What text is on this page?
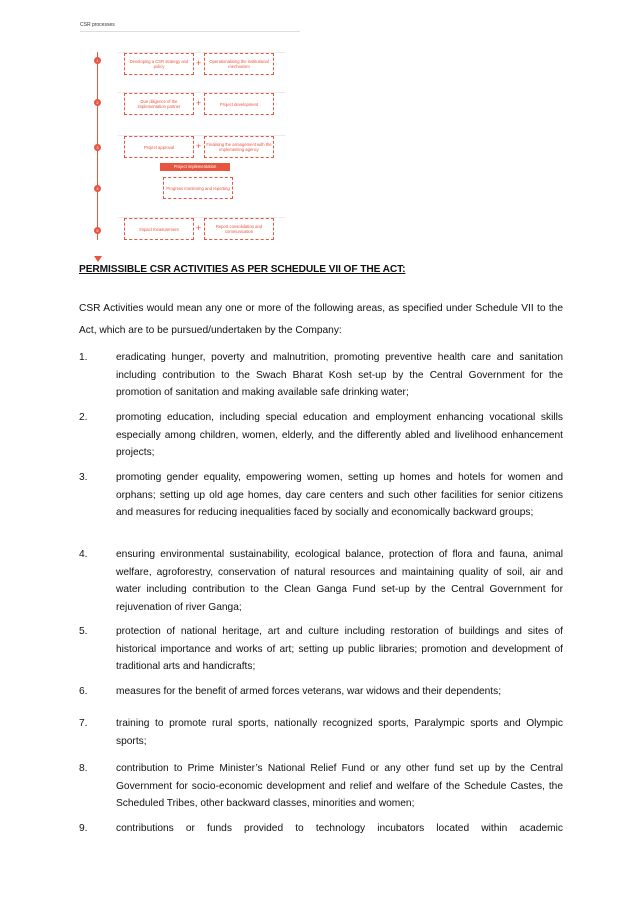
CSR processes
1	Developing a CSR strategy and policy	+	Operationalising the institutional mechanism
2	Due diligence of the implementation partner	+	Project development
3	Project approval	+	Finalising the arrangement with the implementing agency
Project implementation
4	Progress monitoring and reporting
5	Impact measurement	+	Report consolidation and communication
PERMISSIBLE CSR ACTIVITIES AS PER SCHEDULE VII OF THE ACT:
CSR Activities would mean any one or more of the following areas, as specified under Schedule VII to the Act, which are to be pursued/undertaken by the Company:
1.	eradicating hunger, poverty and malnutrition, promoting preventive health care and sanitation including contribution to the Swach Bharat Kosh set-up by the Central Government for the promotion of sanitation and making available safe drinking water;
2.	promoting education, including special education and employment enhancing vocational skills especially among children, women, elderly, and the differently abled and livelihood enhancement projects;
3.	promoting gender equality, empowering women, setting up homes and hotels for women and orphans; setting up old age homes, day care centers and such other facilities for senior citizens and measures for reducing inequalities faced by socially and economically backward groups;
4.	ensuring environmental sustainability, ecological balance, protection of flora and fauna, animal welfare, agroforestry, conservation of natural resources and maintaining quality of soil, air and water including contribution to the Clean Ganga Fund set-up by the Central Government for rejuvenation of river Ganga;
5.	protection of national heritage, art and culture including restoration of buildings and sites of historical importance and works of art; setting up public libraries; promotion and development of traditional arts and handicrafts;
6.	measures for the benefit of armed forces veterans, war widows and their dependents;
7.	training to promote rural sports, nationally recognized sports, Paralympic sports and Olympic sports;
8.	contribution to Prime Minister’s National Relief Fund or any other fund set up by the Central Government for socio-economic development and relief and welfare of the Schedule Castes, the Scheduled Tribes, other backward classes, minorities and women;
9.	contributions or funds provided to technology incubators located within academic
